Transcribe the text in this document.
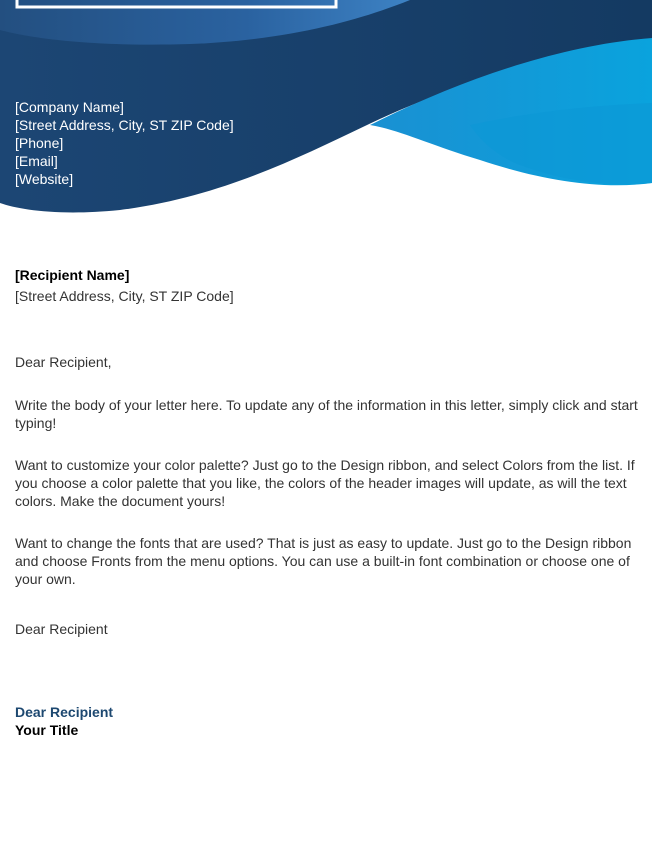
[Company Name]
[Street Address, City, ST ZIP Code]
[Phone]
[Email]
[Website]
[Recipient Name]
[Street Address, City, ST ZIP Code]
Dear Recipient,
Write the body of your letter here. To update any of the information in this letter, simply click and start typing!
Want to customize your color palette? Just go to the Design ribbon, and select Colors from the list. If you choose a color palette that you like, the colors of the header images will update, as will the text colors. Make the document yours!
Want to change the fonts that are used? That is just as easy to update. Just go to the Design ribbon and choose Fronts from the menu options. You can use a built-in font combination or choose one of your own.
Dear Recipient
Dear Recipient
Your Title
